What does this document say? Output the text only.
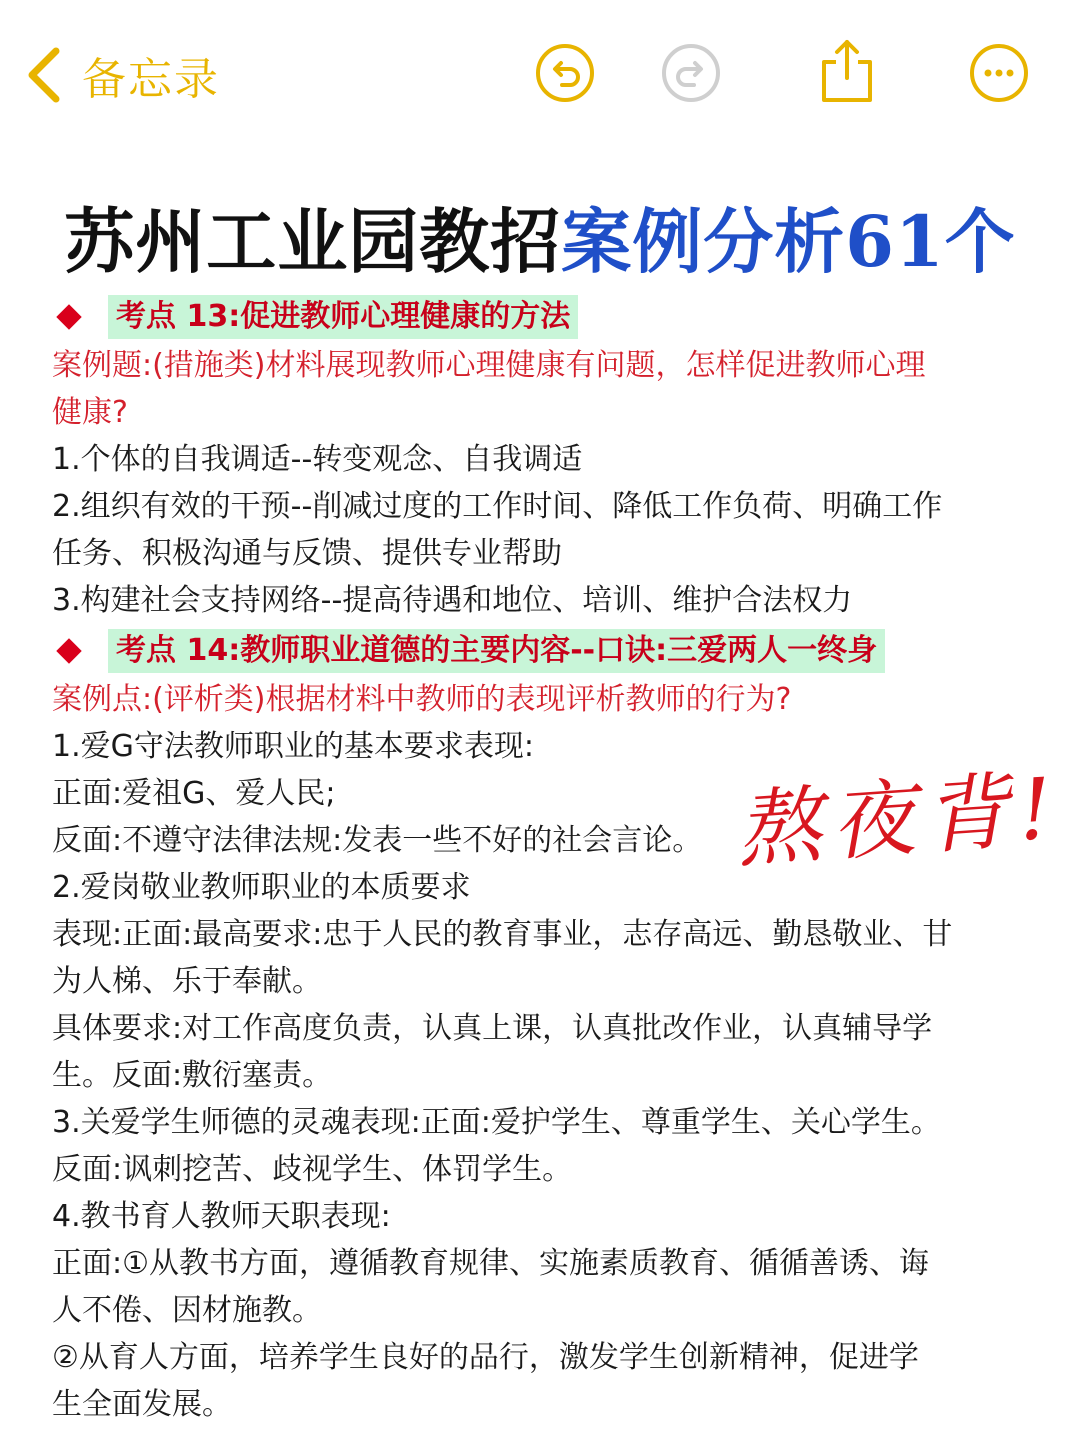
备忘录
苏州工业园教招案例分析61个
考点 13:促进教师心理健康的方法
案例题:(措施类)材料展现教师心理健康有问题，怎样促进教师心理
健康?
1.个体的自我调适--转变观念、自我调适
2.组织有效的干预--削减过度的工作时间、降低工作负荷、明确工作
任务、积极沟通与反馈、提供专业帮助
3.构建社会支持网络--提高待遇和地位、培训、维护合法权力
考点 14:教师职业道德的主要内容--口诀:三爱两人一终身
案例点:(评析类)根据材料中教师的表现评析教师的行为?
1.爱G守法教师职业的基本要求表现:
正面:爱祖G、爱人民;
反面:不遵守法律法规:发表一些不好的社会言论。
2.爱岗敬业教师职业的本质要求
表现:正面:最高要求:忠于人民的教育事业，志存高远、勤恳敬业、甘
为人梯、乐于奉献。
具体要求:对工作高度负责，认真上课，认真批改作业，认真辅导学
生。反面:敷衍塞责。
3.关爱学生师德的灵魂表现:正面:爱护学生、尊重学生、关心学生。
反面:讽刺挖苦、歧视学生、体罚学生。
4.教书育人教师天职表现:
正面:①从教书方面，遵循教育规律、实施素质教育、循循善诱、诲
人不倦、因材施教。
②从育人方面，培养学生良好的品行，激发学生创新精神，促进学
生全面发展。
熬夜背!
